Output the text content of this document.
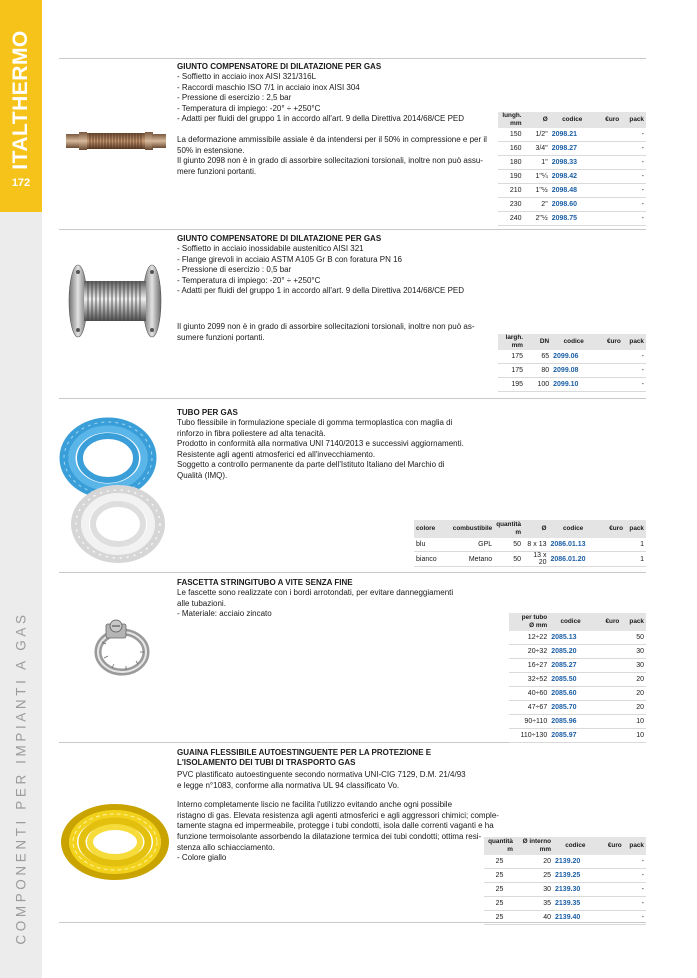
ITALTHERMO
172
COMPONENTI PER IMPIANTI A GAS
GIUNTO COMPENSATORE DI DILATAZIONE PER GAS
- Soffietto in acciaio inox AISI 321/316L
- Raccordi maschio ISO 7/1 in acciaio inox AISI 304
- Pressione di esercizio : 2,5 bar
- Temperatura di impiego: -20° ÷ +250°C
- Adatti per fluidi del gruppo 1 in accordo all'art. 9 della Direttiva 2014/68/CE PED
La deformazione ammissibile assiale è da intendersi per il 50% in compressione e per il
50% in estensione.
Il giunto 2098 non è in grado di assorbire sollecitazioni torsionali, inoltre non può assu-
mere funzioni portanti.
lungh.
mm	Ø	codice	€uro	pack
150	1/2"	2098.21		-
160	3/4"	2098.27		-
180	1"	2098.33		-
190	1"¼	2098.42		-
210	1"½	2098.48		-
230	2"	2098.60		-
240	2"½	2098.75		-
GIUNTO COMPENSATORE DI DILATAZIONE PER GAS
- Soffietto in acciaio inossidabile austenitico AISI 321
- Flange girevoli in acciaio ASTM A105 Gr B con foratura PN 16
- Pressione di esercizio : 0,5 bar
- Temperatura di impiego: -20° ÷ +250°C
- Adatti per fluidi del gruppo 1 in accordo all'art. 9 della Direttiva 2014/68/CE PED
Il giunto 2099 non è in grado di assorbire sollecitazioni torsionali, inoltre non può as-
sumere funzioni portanti.	largh.
mm	DN	codice	€uro	pack
175	65	2099.06		-
175	80	2099.08		-
195	100	2099.10		-
TUBO PER GAS
Tubo flessibile in formulazione speciale di gomma termoplastica con maglia di
rinforzo in fibra poliestere ad alta tenacità.
Prodotto in conformità alla normativa UNI 7140/2013 e successivi aggiornamenti.
Resistente agli agenti atmosferici ed all'invecchiamento.
Soggetto a controllo permanente da parte dell'Istituto Italiano del Marchio di
Qualità (IMQ).
colore	combustibile	quantità
m	Ø	codice	€uro	pack
blu	GPL	50	8 x 13	2086.01.13		1
bianco	Metano	50	13 x 20	2086.01.20		1
FASCETTA STRINGITUBO A VITE SENZA FINE
Le fascette sono realizzate con i bordi arrotondati, per evitare danneggiamenti
alle tubazioni.
- Materiale: acciaio zincato	per tubo
Ø mm	codice	€uro	pack
12÷22	2085.13		50
20÷32	2085.20		30
16÷27	2085.27		30
32÷52	2085.50		20
40÷60	2085.60		20
47÷67	2085.70		20
90÷110	2085.96		10
110÷130	2085.97		10
GUAINA FLESSIBILE AUTOESTINGUENTE PER LA PROTEZIONE E L'ISOLAMENTO DEI TUBI DI TRASPORTO GAS
PVC plastificato autoestinguente secondo normativa UNI-CIG 7129, D.M. 21/4/93
e legge n°1083, conforme alla normativa UL 94 classificato Vo.
Interno completamente liscio ne facilita l'utilizzo evitando anche ogni possibile
ristagno di gas. Elevata resistenza agli agenti atmosferici e agli aggressori chimici; comple-
tamente stagna ed impermeabile, protegge i tubi condotti, isola dalle correnti vaganti e ha
funzione termoisolante assorbendo la dilatazione termica dei tubi condotti; ottima resi-
stenza allo schiacciamento.
- Colore giallo
quantità
m	Ø interno
mm	codice	€uro	pack
25	20	2139.20		-
25	25	2139.25		-
25	30	2139.30		-
25	35	2139.35		-
25	40	2139.40		-
